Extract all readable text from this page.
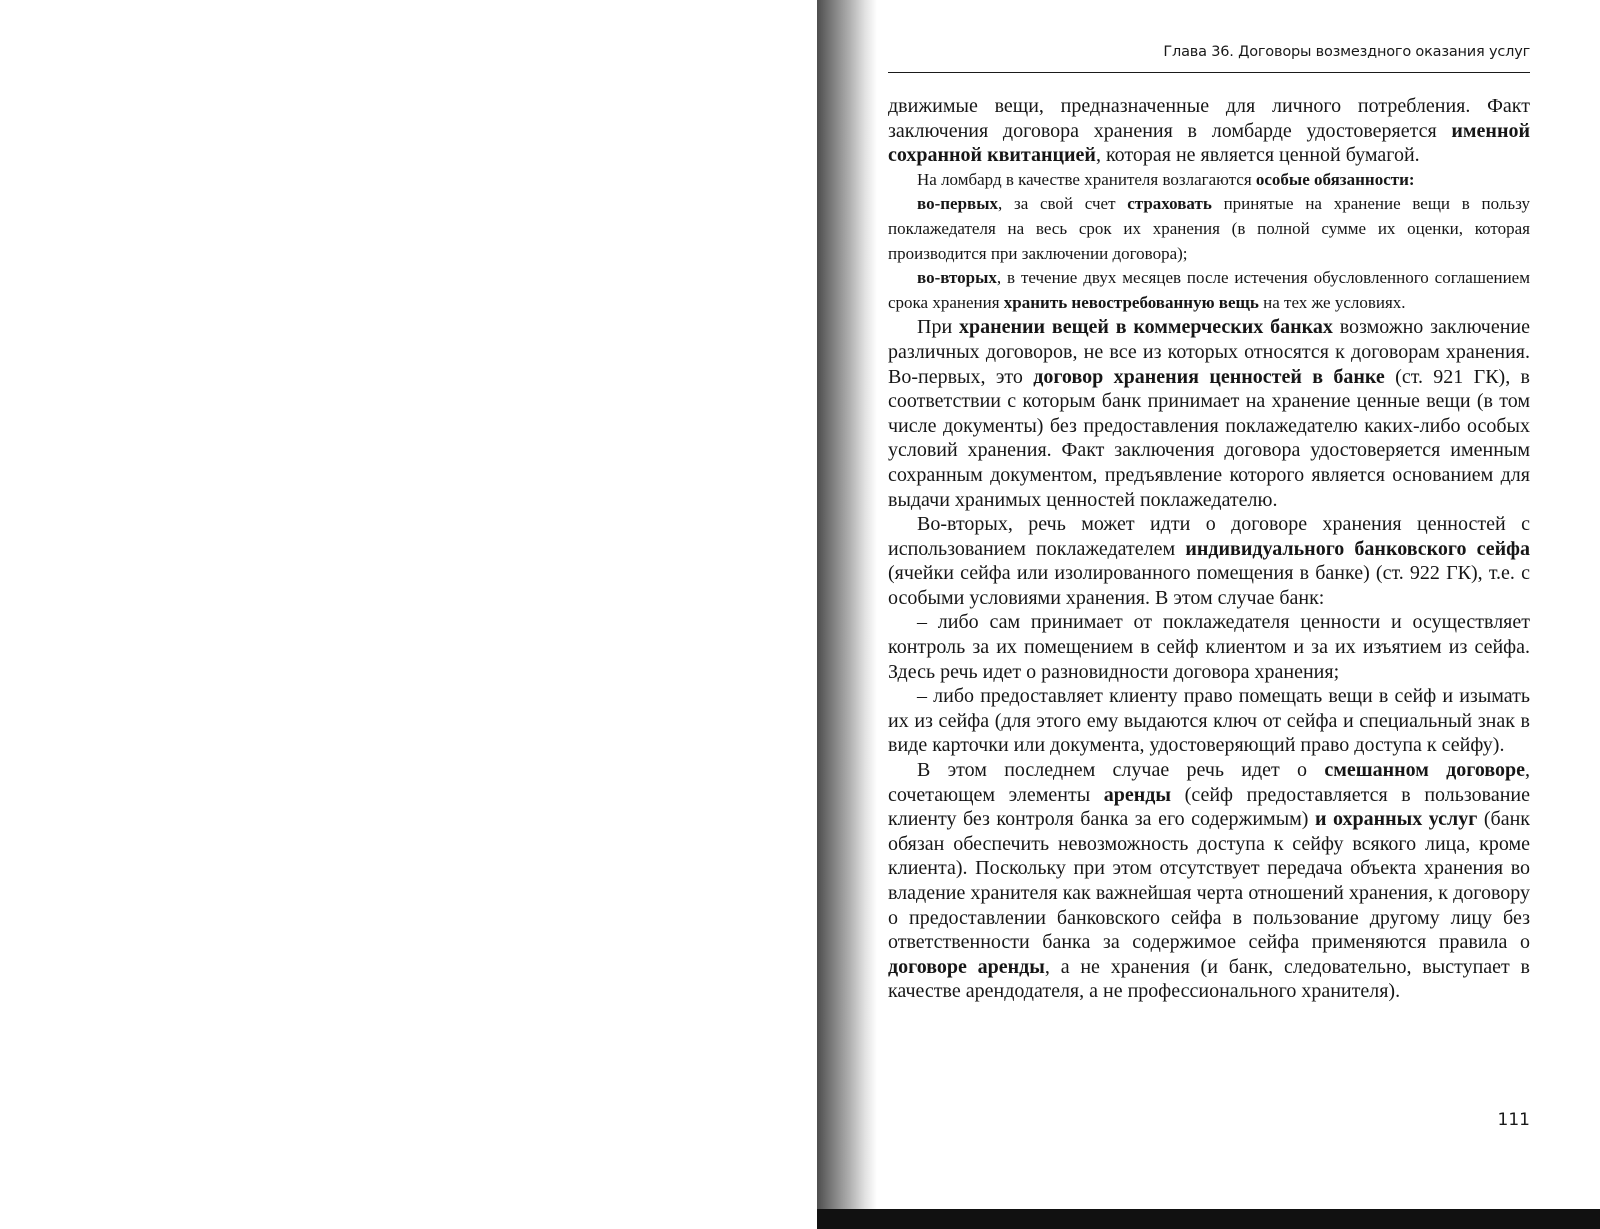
Глава 36. Договоры возмездного оказания услуг

движимые вещи, предназначенные для личного потребления. Факт заключения договора хранения в ломбарде удостоверяется именной сохранной квитанцией, которая не является ценной бумагой.

На ломбард в качестве хранителя возлагаются особые обязанности:

во-первых, за свой счет страховать принятые на хранение вещи в пользу поклажедателя на весь срок их хранения (в полной сумме их оценки, которая производится при заключении договора);

во-вторых, в течение двух месяцев после истечения обусловленного соглашением срока хранения хранить невостребованную вещь на тех же условиях.

При хранении вещей в коммерческих банках возможно заключение различных договоров, не все из которых относятся к договорам хранения. Во-первых, это договор хранения ценностей в банке (ст. 921 ГК), в соответствии с которым банк принимает на хранение ценные вещи (в том числе документы) без предоставления поклажедателю каких-либо особых условий хранения. Факт заключения договора удостоверяется именным сохранным документом, предъявление которого является основанием для выдачи хранимых ценностей поклажедателю.

Во-вторых, речь может идти о договоре хранения ценностей с использованием поклажедателем индивидуального банковского сейфа (ячейки сейфа или изолированного помещения в банке) (ст. 922 ГК), т.е. с особыми условиями хранения. В этом случае банк:

– либо сам принимает от поклажедателя ценности и осуществляет контроль за их помещением в сейф клиентом и за их изъятием из сейфа. Здесь речь идет о разновидности договора хранения;

– либо предоставляет клиенту право помещать вещи в сейф и изымать их из сейфа (для этого ему выдаются ключ от сейфа и специальный знак в виде карточки или документа, удостоверяющий право доступа к сейфу).

В этом последнем случае речь идет о смешанном договоре, сочетающем элементы аренды (сейф предоставляется в пользование клиенту без контроля банка за его содержимым) и охранных услуг (банк обязан обеспечить невозможность доступа к сейфу всякого лица, кроме клиента). Поскольку при этом отсутствует передача объекта хранения во владение хранителя как важнейшая черта отношений хранения, к договору о предоставлении банковского сейфа в пользование другому лицу без ответственности банка за содержимое сейфа применяются правила о договоре аренды, а не хранения (и банк, следовательно, выступает в качестве арендодателя, а не профессионального хранителя).

111
